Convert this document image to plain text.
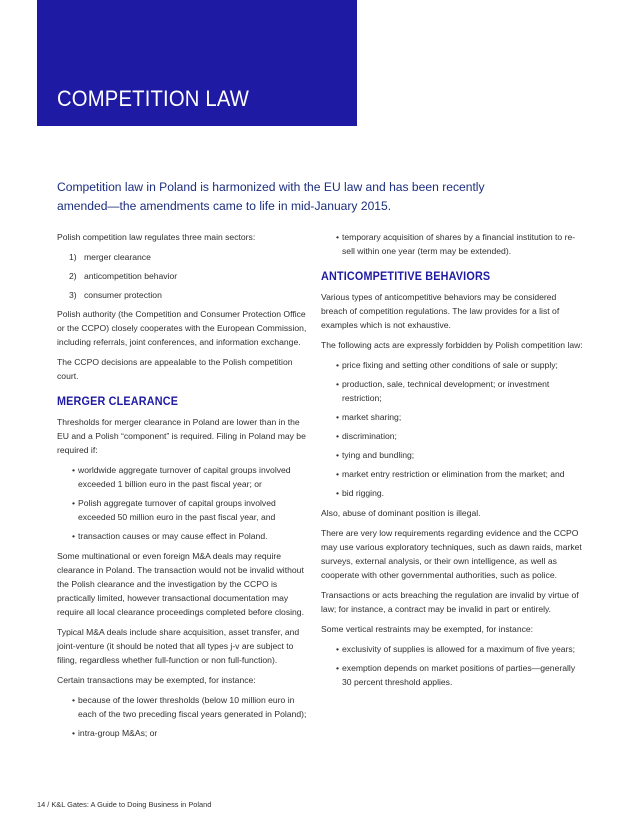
COMPETITION LAW
Competition law in Poland is harmonized with the EU law and has been recently
amended—the amendments came to life in mid-January 2015.
Polish competition law regulates three main sectors:
1) merger clearance
2) anticompetition behavior
3) consumer protection
Polish authority (the Competition and Consumer Protection Office or the CCPO) closely cooperates with the European Commission, including referrals, joint conferences, and information exchange.
The CCPO decisions are appealable to the Polish competition court.
MERGER CLEARANCE
Thresholds for merger clearance in Poland are lower than in the EU and a Polish “component” is required. Filing in Poland may be required if:
• worldwide aggregate turnover of capital groups involved exceeded 1 billion euro in the past fiscal year; or
• Polish aggregate turnover of capital groups involved exceeded 50 million euro in the past fiscal year, and
• transaction causes or may cause effect in Poland.
Some multinational or even foreign M&A deals may require clearance in Poland. The transaction would not be invalid without the Polish clearance and the investigation by the CCPO is practically limited, however transactional documentation may require all local clearance proceedings completed before closing.
Typical M&A deals include share acquisition, asset transfer, and joint-venture (it should be noted that all types j-v are subject to filing, regardless whether full-function or non full-function).
Certain transactions may be exempted, for instance:
• because of the lower thresholds (below 10 million euro in each of the two preceding fiscal years generated in Poland);
• intra-group M&As; or
• temporary acquisition of shares by a financial institution to re-sell within one year (term may be extended).
ANTICOMPETITIVE BEHAVIORS
Various types of anticompetitive behaviors may be considered breach of competition regulations. The law provides for a list of examples which is not exhaustive.
The following acts are expressly forbidden by Polish competition law:
• price fixing and setting other conditions of sale or supply;
• production, sale, technical development; or investment restriction;
• market sharing;
• discrimination;
• tying and bundling;
• market entry restriction or elimination from the market; and
• bid rigging.
Also, abuse of dominant position is illegal.
There are very low requirements regarding evidence and the CCPO may use various exploratory techniques, such as dawn raids, market surveys, external analysis, or their own intelligence, as well as cooperate with other governmental authorities, such as police.
Transactions or acts breaching the regulation are invalid by virtue of law; for instance, a contract may be invalid in part or entirely.
Some vertical restraints may be exempted, for instance:
• exclusivity of supplies is allowed for a maximum of five years;
• exemption depends on market positions of parties—generally 30 percent threshold applies.
14 / K&L Gates: A Guide to Doing Business in Poland
